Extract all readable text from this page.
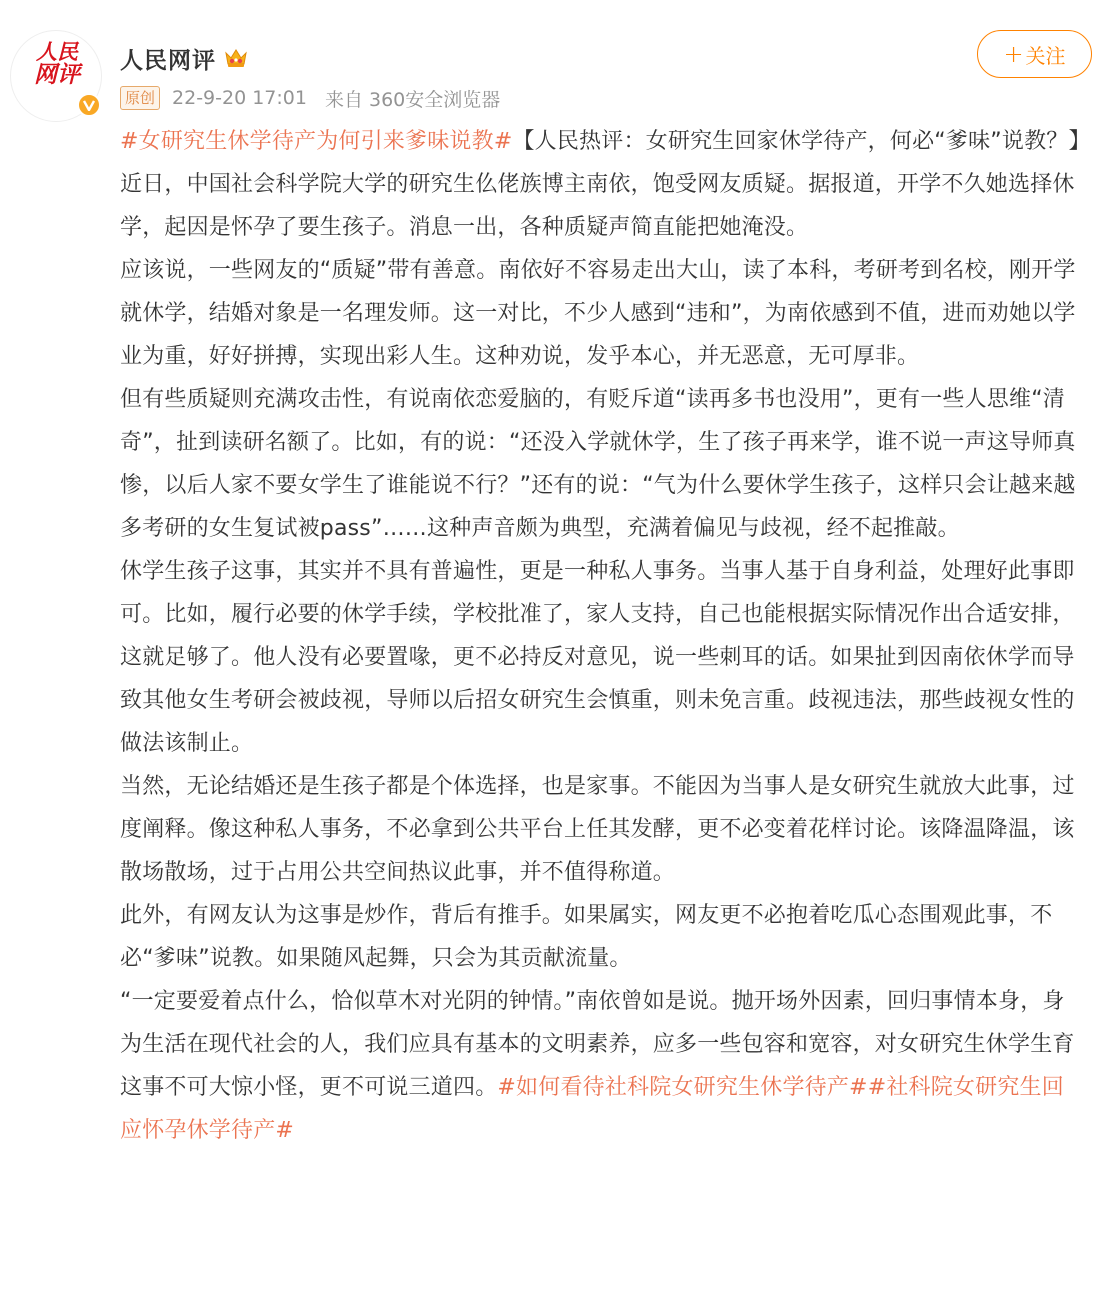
人民
网评
人民网评
原创 22-9-20 17:01 来自 360安全浏览器
+ 关注

#女研究生休学待产为何引来爹味说教#【人民热评：女研究生回家休学待产，何必“爹味”说教？】近日，中国社会科学院大学的研究生仫佬族博主南依，饱受网友质疑。据报道，开学不久她选择休学，起因是怀孕了要生孩子。消息一出，各种质疑声简直能把她淹没。

应该说，一些网友的“质疑”带有善意。南依好不容易走出大山，读了本科，考研考到名校，刚开学就休学，结婚对象是一名理发师。这一对比，不少人感到“违和”，为南依感到不值，进而劝她以学业为重，好好拼搏，实现出彩人生。这种劝说，发乎本心，并无恶意，无可厚非。

但有些质疑则充满攻击性，有说南依恋爱脑的，有贬斥道“读再多书也没用”，更有一些人思维“清奇”，扯到读研名额了。比如，有的说：“还没入学就休学，生了孩子再来学，谁不说一声这导师真惨，以后人家不要女学生了谁能说不行？”还有的说：“气为什么要休学生孩子，这样只会让越来越多考研的女生复试被pass”……这种声音颇为典型，充满着偏见与歧视，经不起推敲。

休学生孩子这事，其实并不具有普遍性，更是一种私人事务。当事人基于自身利益，处理好此事即可。比如，履行必要的休学手续，学校批准了，家人支持，自己也能根据实际情况作出合适安排，这就足够了。他人没有必要置喙，更不必持反对意见，说一些刺耳的话。如果扯到因南依休学而导致其他女生考研会被歧视，导师以后招女研究生会慎重，则未免言重。歧视违法，那些歧视女性的做法该制止。

当然，无论结婚还是生孩子都是个体选择，也是家事。不能因为当事人是女研究生就放大此事，过度阐释。像这种私人事务，不必拿到公共平台上任其发酵，更不必变着花样讨论。该降温降温，该散场散场，过于占用公共空间热议此事，并不值得称道。

此外，有网友认为这事是炒作，背后有推手。如果属实，网友更不必抱着吃瓜心态围观此事，不必“爹味”说教。如果随风起舞，只会为其贡献流量。

“一定要爱着点什么，恰似草木对光阴的钟情。”南依曾如是说。抛开场外因素，回归事情本身，身为生活在现代社会的人，我们应具有基本的文明素养，应多一些包容和宽容，对女研究生休学生育这事不可大惊小怪，更不可说三道四。#如何看待社科院女研究生休学待产##社科院女研究生回应怀孕休学待产#
